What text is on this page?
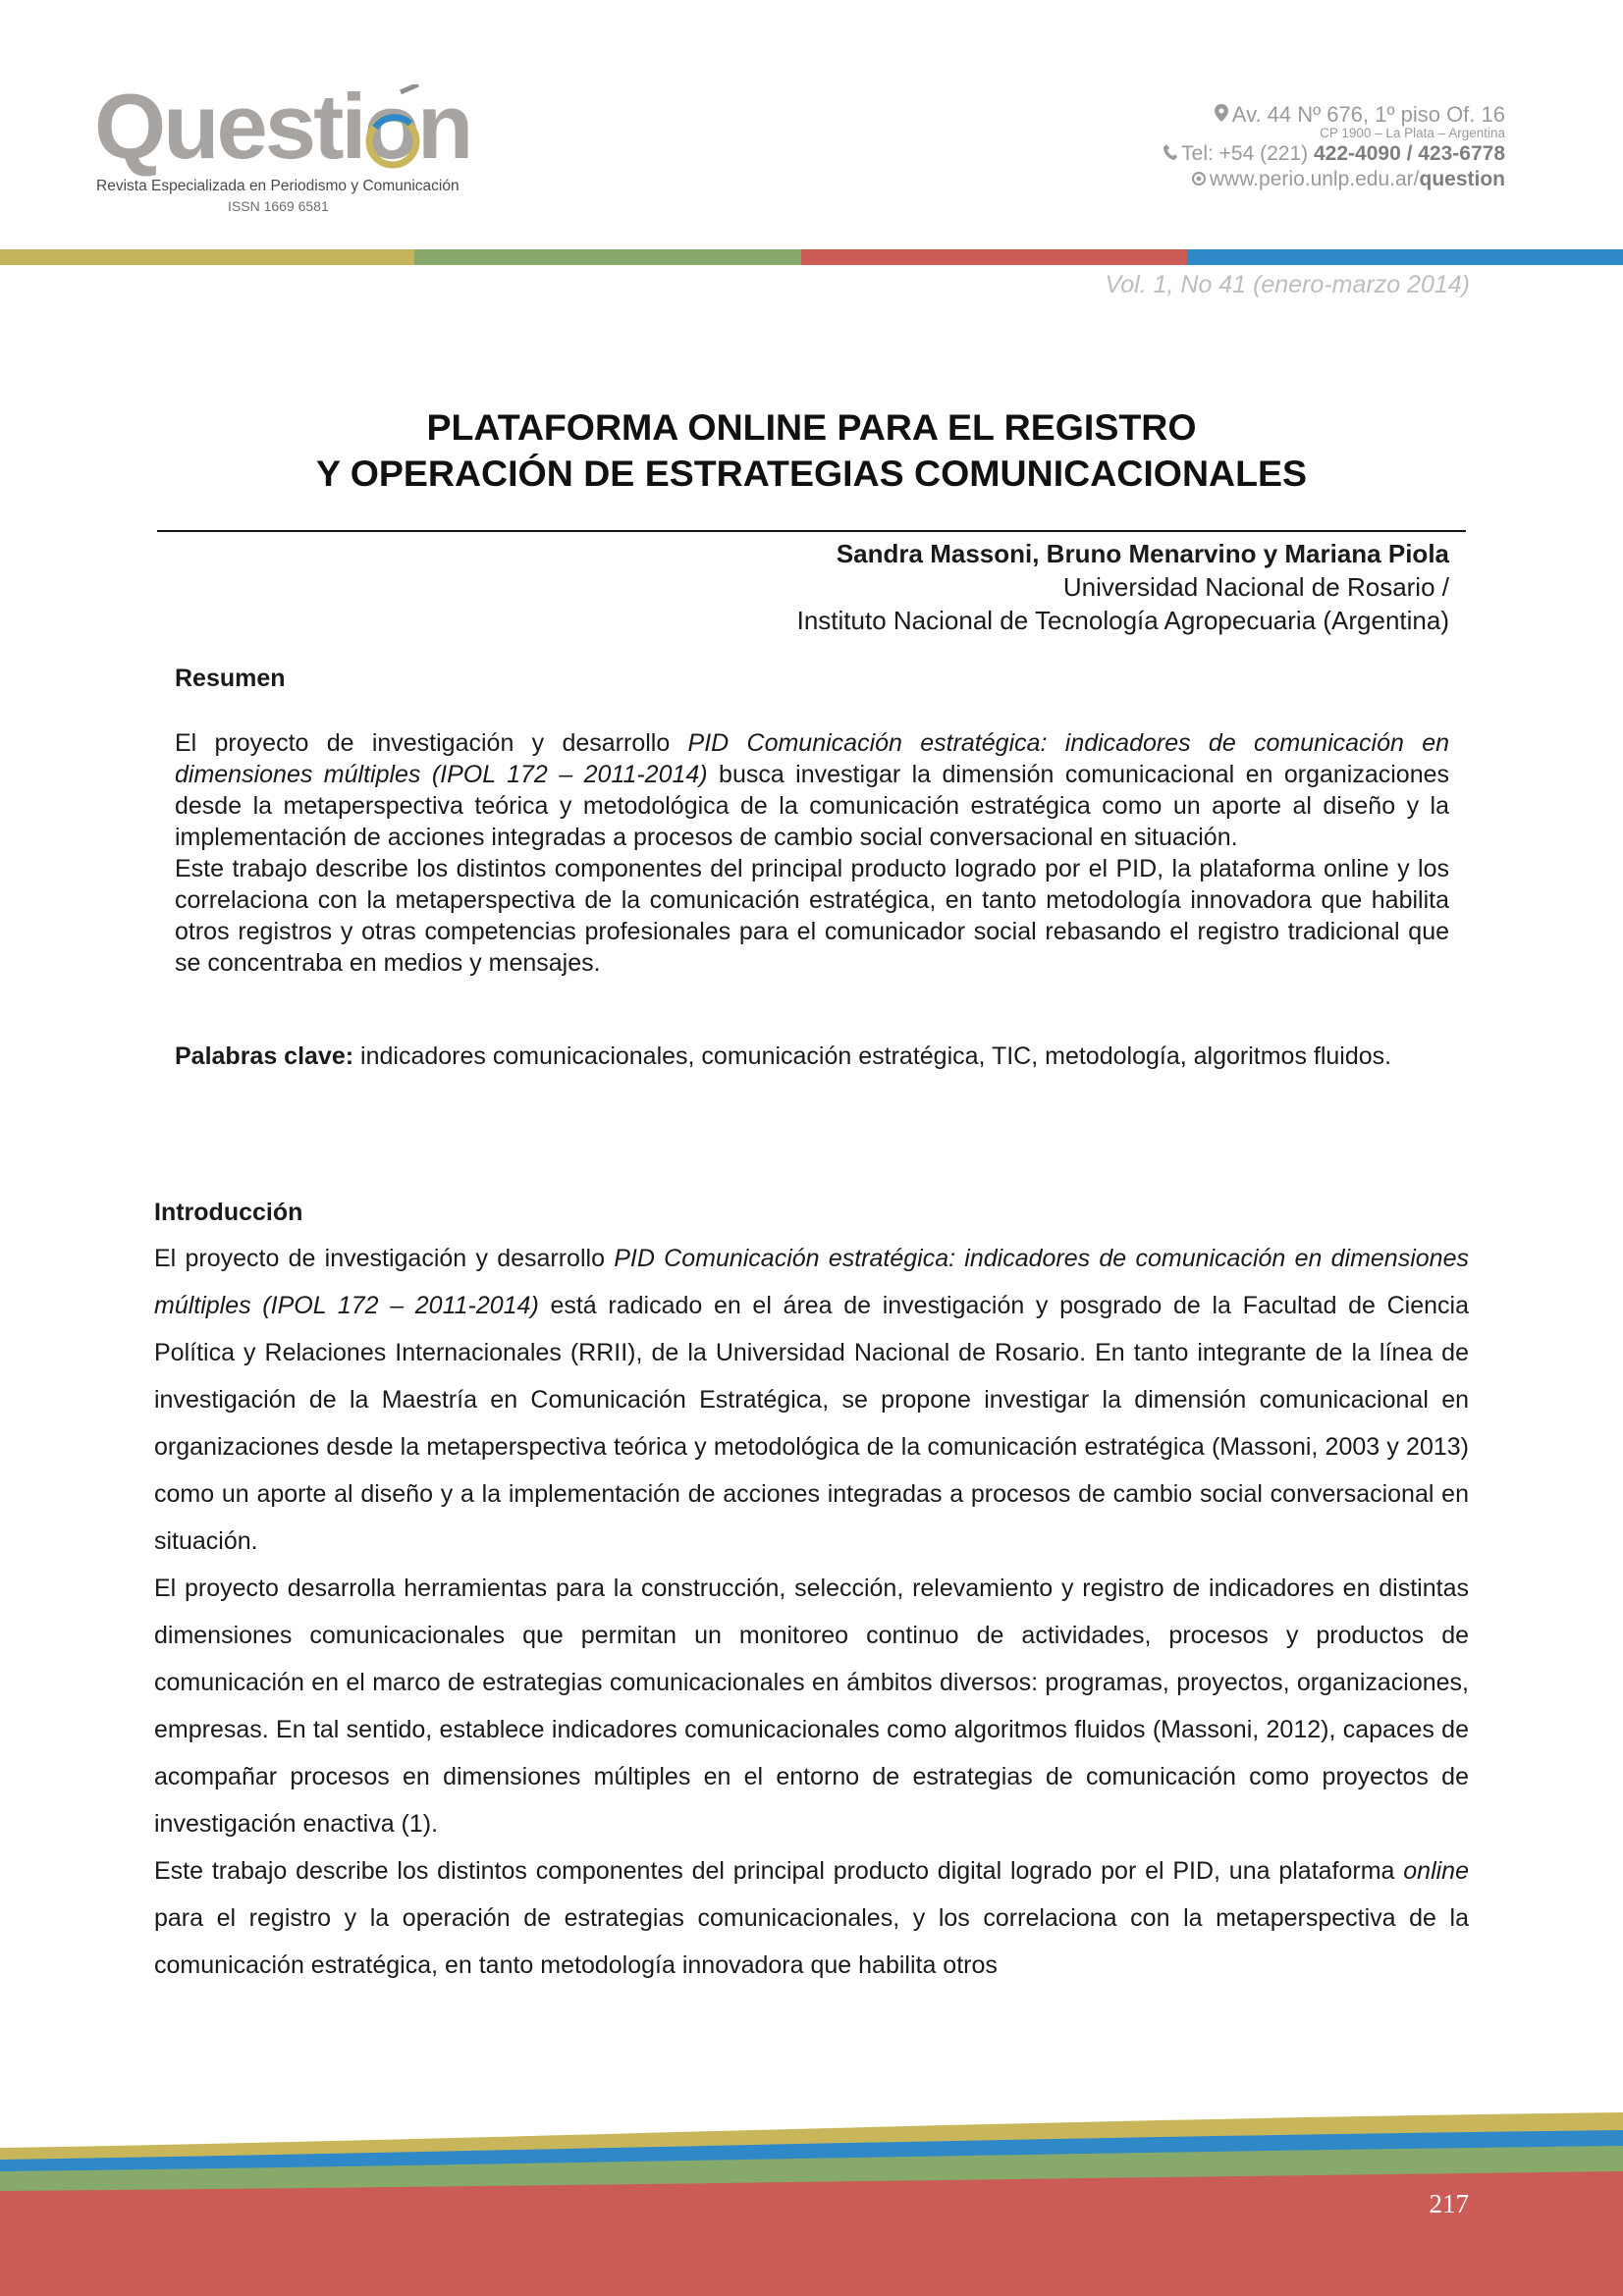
Question
Revista Especializada en Periodismo y Comunicación
ISSN 1669 6581
Av. 44 Nº 676, 1º piso Of. 16
CP 1900 – La Plata – Argentina
Tel: +54 (221) 422-4090 / 423-6778
www.perio.unlp.edu.ar/question
Vol. 1, No 41 (enero-marzo 2014)
PLATAFORMA ONLINE PARA EL REGISTRO
Y OPERACIÓN DE ESTRATEGIAS COMUNICACIONALES
Sandra Massoni, Bruno Menarvino y Mariana Piola
Universidad Nacional de Rosario /
Instituto Nacional de Tecnología Agropecuaria (Argentina)
Resumen

El proyecto de investigación y desarrollo PID Comunicación estratégica: indicadores de comunicación en dimensiones múltiples (IPOL 172 – 2011-2014) busca investigar la dimensión comunicacional en organizaciones desde la metaperspectiva teórica y metodológica de la comunicación estratégica como un aporte al diseño y la implementación de acciones integradas a procesos de cambio social conversacional en situación.

Este trabajo describe los distintos componentes del principal producto logrado por el PID, la plataforma online y los correlaciona con la metaperspectiva de la comunicación estratégica, en tanto metodología innovadora que habilita otros registros y otras competencias profesionales para el comunicador social rebasando el registro tradicional que se concentraba en medios y mensajes.

Palabras clave: indicadores comunicacionales, comunicación estratégica, TIC, metodología, algoritmos fluidos.
Introducción

El proyecto de investigación y desarrollo PID Comunicación estratégica: indicadores de comunicación en dimensiones múltiples (IPOL 172 – 2011-2014) está radicado en el área de investigación y posgrado de la Facultad de Ciencia Política y Relaciones Internacionales (RRII), de la Universidad Nacional de Rosario. En tanto integrante de la línea de investigación de la Maestría en Comunicación Estratégica, se propone investigar la dimensión comunicacional en organizaciones desde la metaperspectiva teórica y metodológica de la comunicación estratégica (Massoni, 2003 y 2013) como un aporte al diseño y a la implementación de acciones integradas a procesos de cambio social conversacional en situación.

El proyecto desarrolla herramientas para la construcción, selección, relevamiento y registro de indicadores en distintas dimensiones comunicacionales que permitan un monitoreo continuo de actividades, procesos y productos de comunicación en el marco de estrategias comunicacionales en ámbitos diversos: programas, proyectos, organizaciones, empresas. En tal sentido, establece indicadores comunicacionales como algoritmos fluidos (Massoni, 2012), capaces de acompañar procesos en dimensiones múltiples en el entorno de estrategias de comunicación como proyectos de investigación enactiva (1).

Este trabajo describe los distintos componentes del principal producto digital logrado por el PID, una plataforma online para el registro y la operación de estrategias comunicacionales, y los correlaciona con la metaperspectiva de la comunicación estratégica, en tanto metodología innovadora que habilita otros

217
